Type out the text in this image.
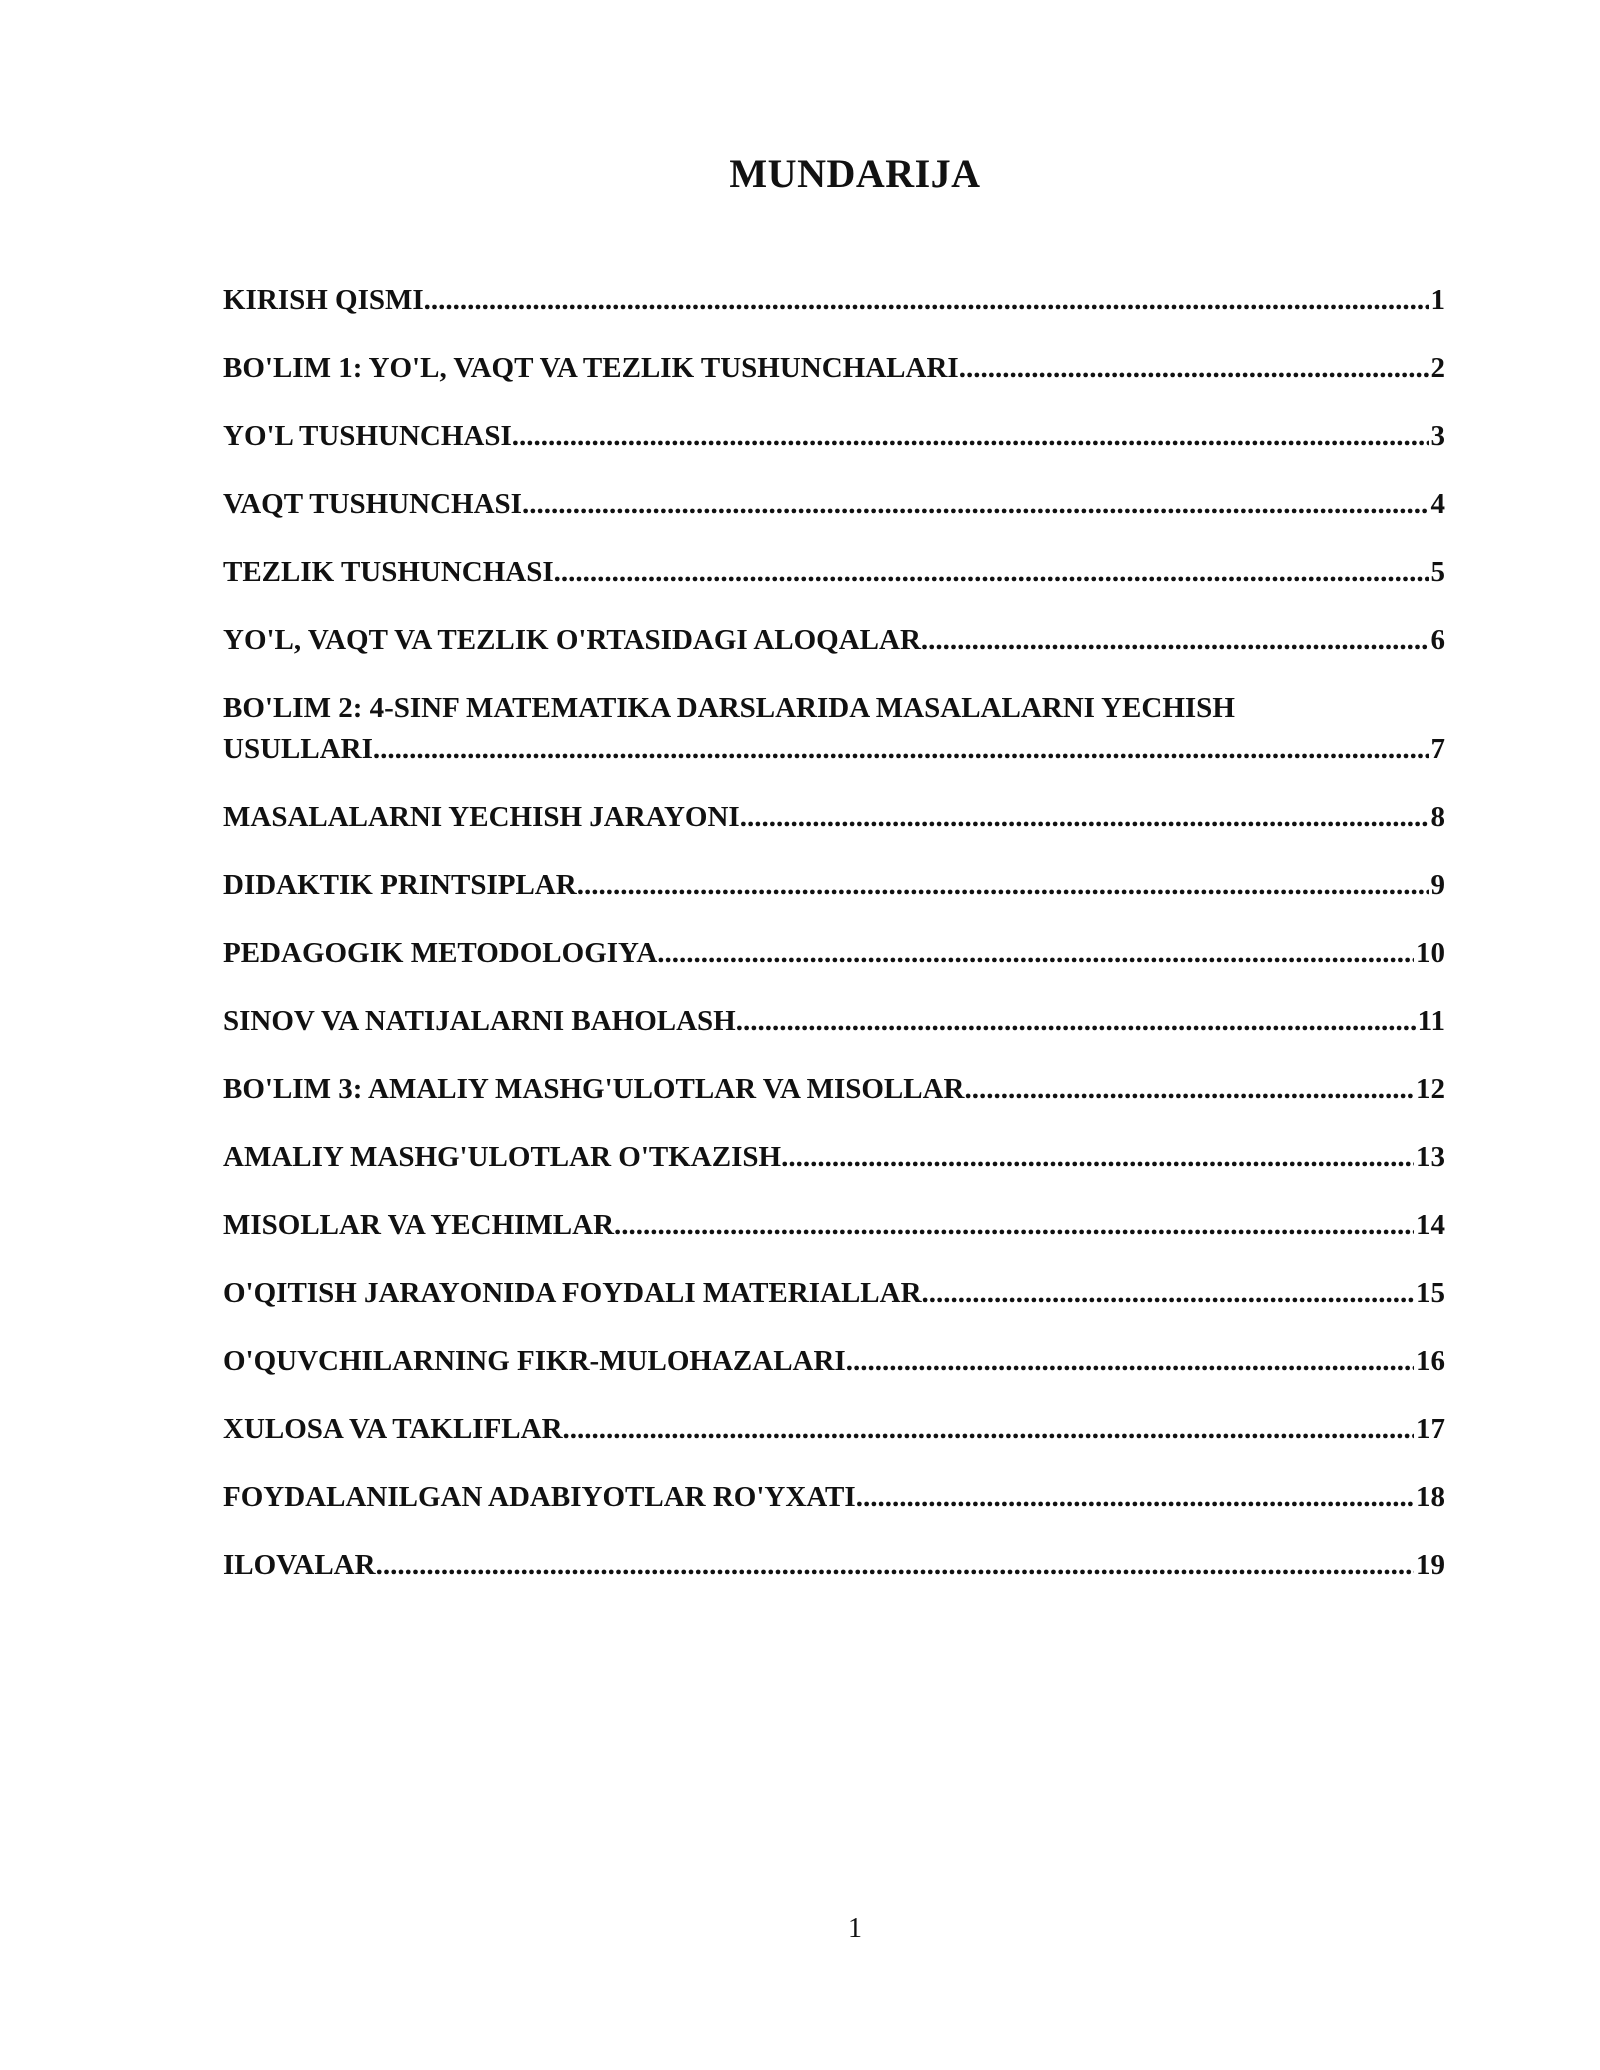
MUNDARIJA
KIRISH QISMI .....	1
BO'LIM 1: YO'L, VAQT VA TEZLIK TUSHUNCHALARI .....	2
YO'L TUSHUNCHASI .....	3
VAQT TUSHUNCHASI .....	4
TEZLIK TUSHUNCHASI .....	5
YO'L, VAQT VA TEZLIK O'RTASIDAGI ALOQALAR .....	6
BO'LIM 2: 4-SINF MATEMATIKA DARSLARIDA MASALALARNI YECHISH
USULLARI .....	7
MASALALARNI YECHISH JARAYONI .....	8
DIDAKTIK PRINTSIPLAR .....	9
PEDAGOGIK METODOLOGIYA .....	10
SINOV VA NATIJALARNI BAHOLASH .....	11
BO'LIM 3: AMALIY MASHG'ULOTLAR VA MISOLLAR .....	12
AMALIY MASHG'ULOTLAR O'TKAZISH .....	13
MISOLLAR VA YECHIMLAR .....	14
O'QITISH JARAYONIDA FOYDALI MATERIALLAR .....	15
O'QUVCHILARNING FIKR-MULOHAZALARI .....	16
XULOSA VA TAKLIFLAR .....	17
FOYDALANILGAN ADABIYOTLAR RO'YXATI .....	18
ILOVALAR .....	19
1
